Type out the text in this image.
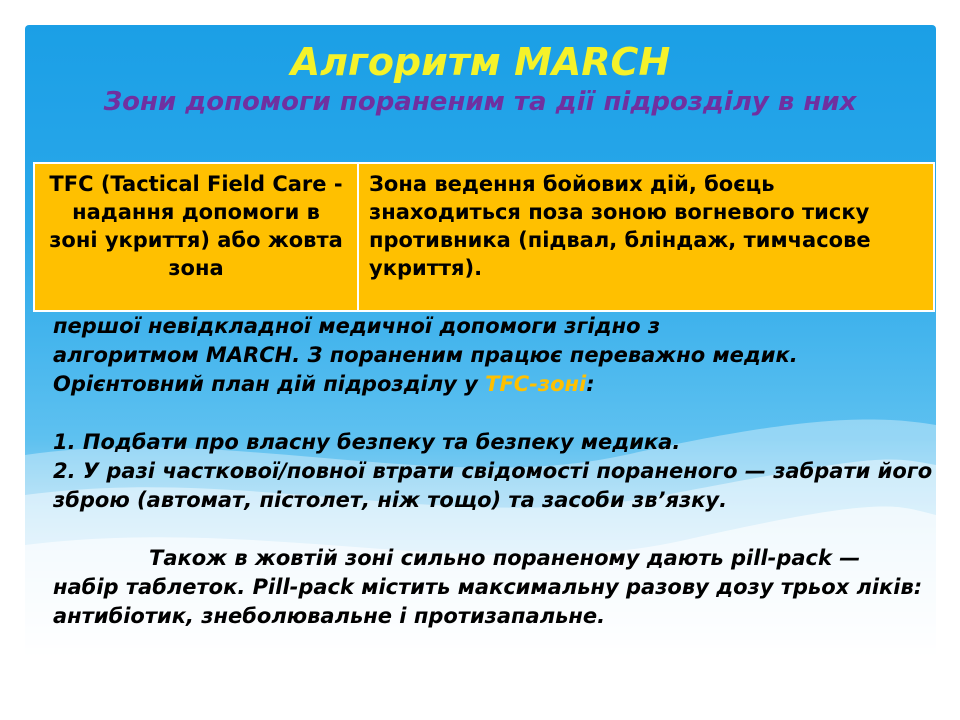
Алгоритм MARCH
Зони допомоги пораненим та дії підрозділу в них
TFC (Tactical Field Care - надання допомоги в зоні укриття) або жовта зона	Зона ведення бойових дій, боєць знаходиться поза зоною вогневого тиску противника (підвал, бліндаж, тимчасове укриття).

першої невідкладної медичної допомоги згідно з

алгоритмом MARCH. З пораненим працює переважно медик.

Орієнтовний план дій підрозділу у TFC-зоні:

1. Подбати про власну безпеку та безпеку медика.

2. У разі часткової/повної втрати свідомості пораненого — забрати його зброю (автомат, пістолет, ніж тощо) та засоби зв’язку.

Також в жовтій зоні сильно пораненому дають pill-pack — набір таблеток. Pill-pack містить максимальну разову дозу трьох ліків: антибіотик, знеболювальне і протизапальне.
